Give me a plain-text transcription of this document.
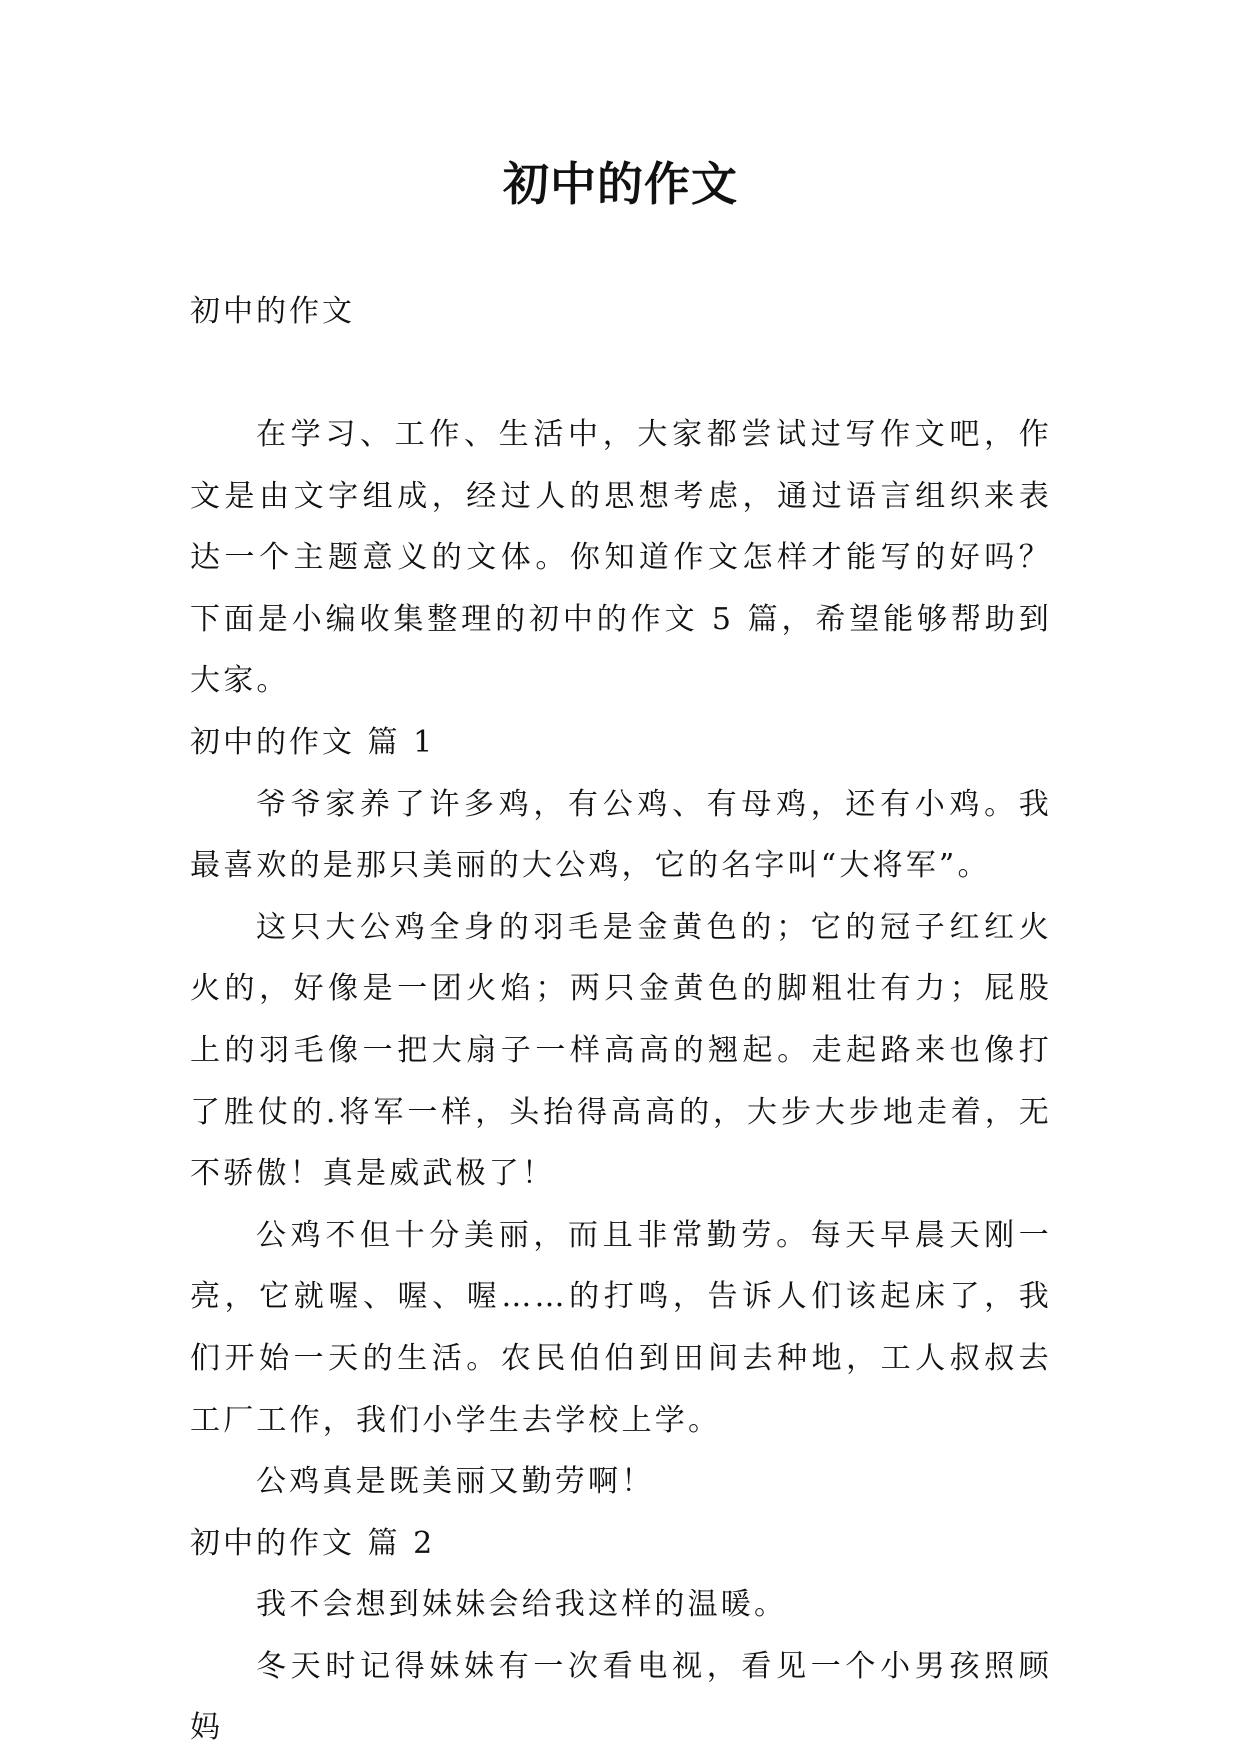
初中的作文
初中的作文

在学习、工作、生活中，大家都尝试过写作文吧，作文是由文字组成，经过人的思想考虑，通过语言组织来表达一个主题意义的文体。你知道作文怎样才能写的好吗？下面是小编收集整理的初中的作文 5 篇，希望能够帮助到大家。

初中的作文 篇 1

爷爷家养了许多鸡，有公鸡、有母鸡，还有小鸡。我最喜欢的是那只美丽的大公鸡，它的名字叫“大将军”。

这只大公鸡全身的羽毛是金黄色的；它的冠子红红火火的，好像是一团火焰；两只金黄色的脚粗壮有力；屁股上的羽毛像一把大扇子一样高高的翘起。走起路来也像打了胜仗的.将军一样，头抬得高高的，大步大步地走着，无不骄傲！真是威武极了！

公鸡不但十分美丽，而且非常勤劳。每天早晨天刚一亮，它就喔、喔、喔……的打鸣，告诉人们该起床了，我们开始一天的生活。农民伯伯到田间去种地，工人叔叔去工厂工作，我们小学生去学校上学。

公鸡真是既美丽又勤劳啊！

初中的作文 篇 2

我不会想到妹妹会给我这样的温暖。

冬天时记得妹妹有一次看电视，看见一个小男孩照顾妈
